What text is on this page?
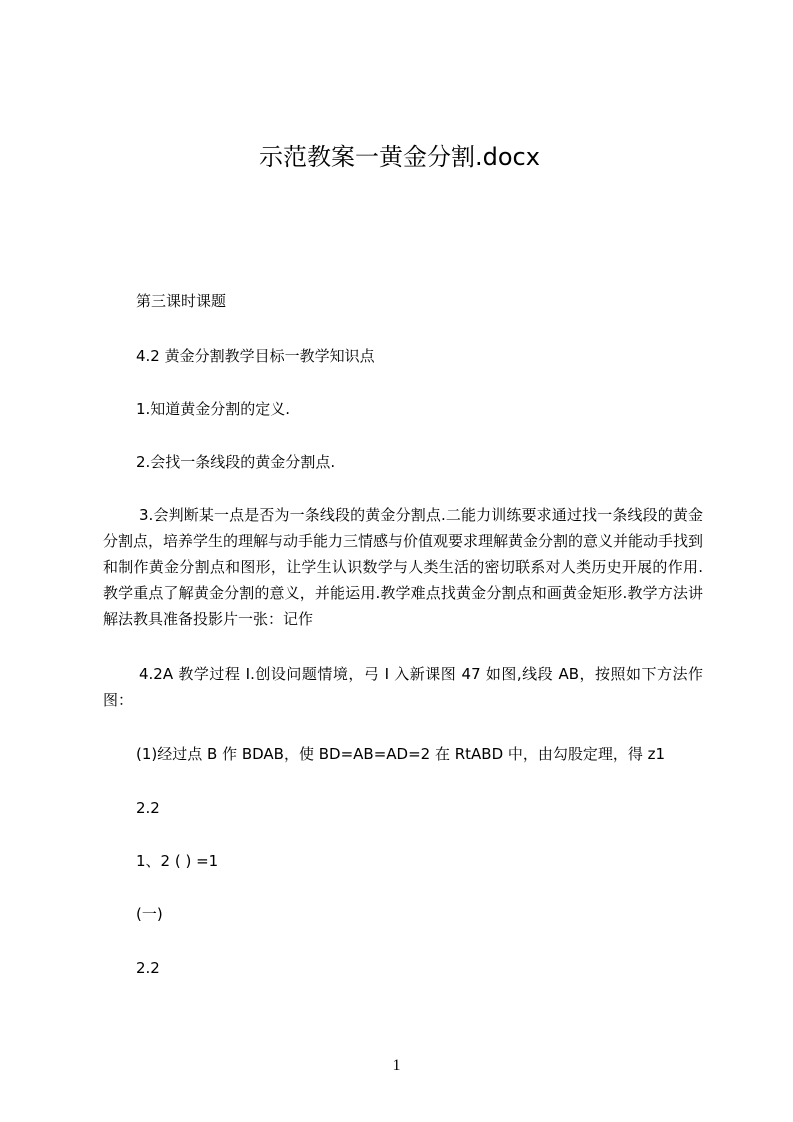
示范教案一黄金分割.docx

第三课时课题

4.2 黄金分割教学目标一教学知识点

1.知道黄金分割的定义.

2.会找一条线段的黄金分割点.

3.会判断某一点是否为一条线段的黄金分割点.二能力训练要求通过找一条线段的黄金分割点，培养学生的理解与动手能力三情感与价值观要求理解黄金分割的意义并能动手找到和制作黄金分割点和图形，让学生认识数学与人类生活的密切联系对人类历史开展的作用.教学重点了解黄金分割的意义，并能运用.教学难点找黄金分割点和画黄金矩形.教学方法讲解法教具准备投影片一张：记作

4.2A 教学过程 I.创设问题情境，弓 I 入新课图 47 如图,线段 AB，按照如下方法作图：

(1)经过点 B 作 BDAB，使 BD=AB=AD=2 在 RtABD 中，由勾股定理，得 z1

2.2

1、2 ( ) =1

(一)

2.2

1
